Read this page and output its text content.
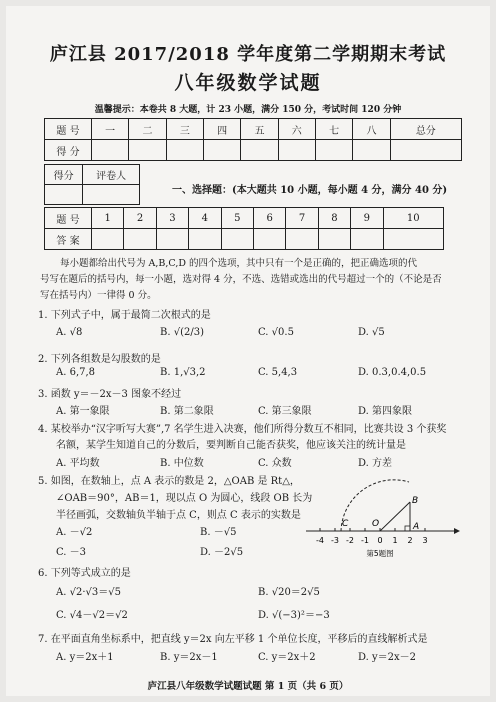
庐江县 2017/2018 学年度第二学期期末考试
八年级数学试题
温馨提示：本卷共 8 大题，计 23 小题，满分 150 分，考试时间 120 分钟
题 号	一	二	三	四	五	六	七	八	总分
得 分									
得分	评卷人

一、选择题：(本大题共 10 小题，每小题 4 分，满分 40 分)
题 号	1	2	3	4	5	6	7	8	9	10
答 案										
每小题都给出代号为 A,B,C,D 的四个选项，其中只有一个是正确的，把正确选项的代
号写在题后的括号内，每一小题，选对得 4 分，不选、选错或选出的代号超过一个的（不论是否
写在括号内）一律得 0 分。
1. 下列式子中，属于最简二次根式的是
A. √8	B. √(2/3)	C. √0.5	D. √5
2. 下列各组数是勾股数的是
A. 6,7,8	B. 1,√3,2	C. 5,4,3	D. 0.3,0.4,0.5
3. 函数 y＝－2x－3 图象不经过
A. 第一象限	B. 第二象限	C. 第三象限	D. 第四象限
4. 某校举办“汉字听写大赛”,7 名学生进入决赛，他们所得分数互不相同，比赛共设 3 个获奖
名额，某学生知道自己的分数后，要判断自己能否获奖，他应该关注的统计量是
A. 平均数	B. 中位数	C. 众数	D. 方差
5. 如图，在数轴上，点 A 表示的数是 2，△OAB 是 Rt△，
∠OAB＝90°，AB＝1，现以点 O 为圆心，线段 OB 长为
半径画弧，交数轴负半轴于点 C，则点 C 表示的实数是
A. －√2	B. －√5
C. －3	D. －2√5
C	O	A
B
-4 -3 -2 -1 0 1 2 3
第5题图
6. 下列等式成立的是
A. √2·√3＝√5	B. √20＝2√5
C. √4－√2＝√2	D. √(−3)²＝−3
7. 在平面直角坐标系中，把直线 y＝2x 向左平移 1 个单位长度，平移后的直线解析式是
A. y＝2x＋1	B. y＝2x－1	C. y＝2x＋2	D. y＝2x－2
庐江县八年级数学试题试题 第 1 页（共 6 页）
